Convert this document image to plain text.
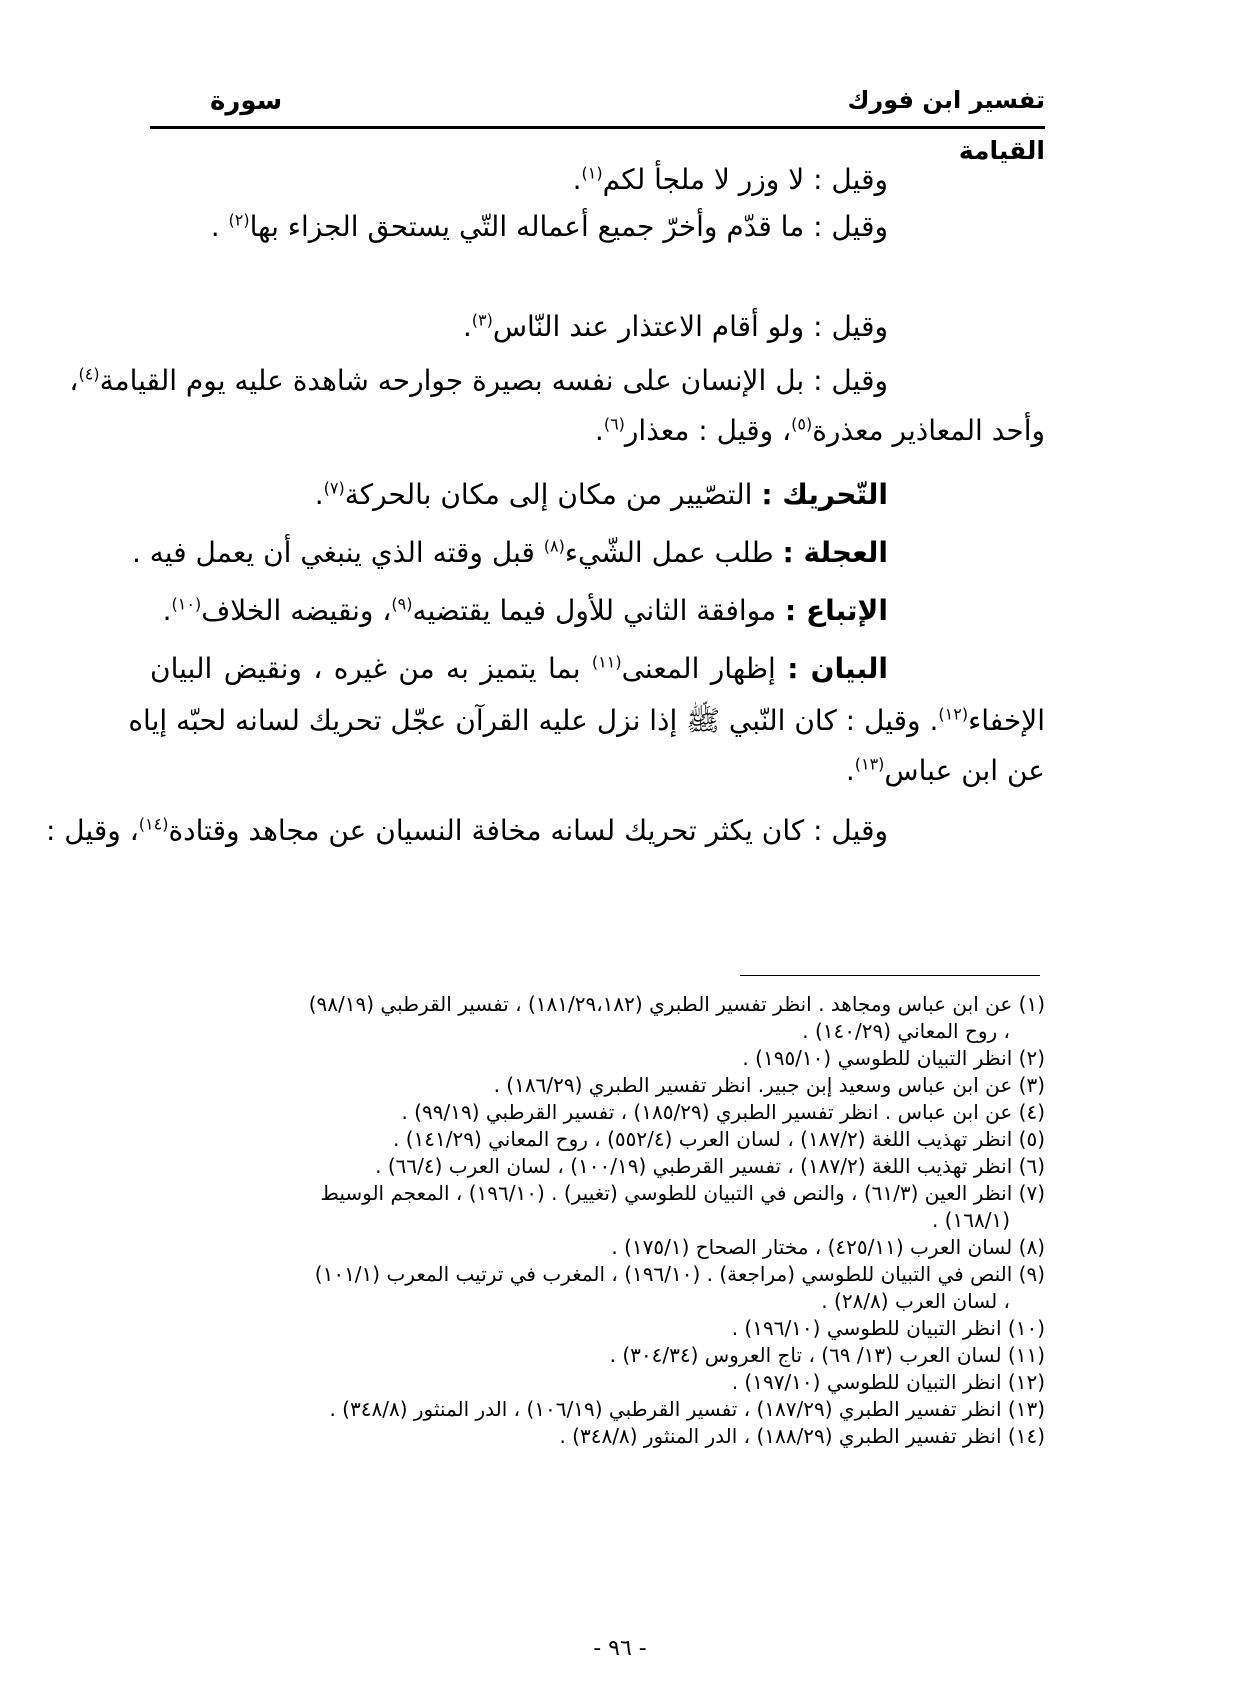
تفسير ابن فورك
سورة
القيامة
وقيل : لا وزر لا ملجأ لكم$^{(١)}$.
وقيل : ما قدّم وأخرّ جميع أعماله التّي يستحق الجزاء بها$^{(٢)}$ .
وقيل : ولو أقام الاعتذار عند النّاس$^{(٣)}$.
وقيل : بل الإنسان على نفسه بصيرة جوارحه شاهدة عليه يوم القيامة$^{(٤)}$،
وأحد المعاذير معذرة$^{(٥)}$، وقيل : معذار$^{(٦)}$.
التّحريك : التصّيير من مكان إلى مكان بالحركة$^{(٧)}$.
العجلة : طلب عمل الشّيء$^{(٨)}$ قبل وقته الذي ينبغي أن يعمل فيه .
الإتباع : موافقة الثاني للأول فيما يقتضيه$^{(٩)}$، ونقيضه الخلاف$^{(١٠)}$.
البيان : إظهار المعنى$^{(١١)}$ بما يتميز به من غيره ، ونقيض البيان
الإخفاء$^{(١٢)}$. وقيل : كان النّبي ﷺ إذا نزل عليه القرآن عجّل تحريك لسانه لحبّه إياه
عن ابن عباس$^{(١٣)}$.
وقيل : كان يكثر تحريك لسانه مخافة النسيان عن مجاهد وقتادة$^{(١٤)}$، وقيل :
(١) عن ابن عباس ومجاهد . انظر تفسير الطبري (١٨١/٢٩،١٨٢) ، تفسير القرطبي (٩٨/١٩)
، روح المعاني (١٤٠/٢٩) .
(٢) انظر التبيان للطوسي (١٩٥/١٠) .
(٣) عن ابن عباس وسعيد إبن جبير. انظر تفسير الطبري (١٨٦/٢٩) .
(٤) عن ابن عباس . انظر تفسير الطبري (١٨٥/٢٩) ، تفسير القرطبي (٩٩/١٩) .
(٥) انظر تهذيب اللغة (١٨٧/٢) ، لسان العرب (٥٥٢/٤) ، روح المعاني (١٤١/٢٩) .
(٦) انظر تهذيب اللغة (١٨٧/٢) ، تفسير القرطبي (١٠٠/١٩) ، لسان العرب (٦٦/٤) .
(٧) انظر العين (٦١/٣) ، والنص في التبيان للطوسي (تغيير) . (١٩٦/١٠) ، المعجم الوسيط
(١٦٨/١) .
(٨) لسان العرب (٤٢٥/١١) ، مختار الصحاح (١٧٥/١) .
(٩) النص في التبيان للطوسي (مراجعة) . (١٩٦/١٠) ، المغرب في ترتيب المعرب (١٠١/١)
، لسان العرب (٢٨/٨) .
(١٠) انظر التبيان للطوسي (١٩٦/١٠) .
(١١) لسان العرب (١٣/ ٦٩) ، تاج العروس (٣٠٤/٣٤) .
(١٢) انظر التبيان للطوسي (١٩٧/١٠) .
(١٣) انظر تفسير الطبري (١٨٧/٢٩) ، تفسير القرطبي (١٠٦/١٩) ، الدر المنثور (٣٤٨/٨) .
(١٤) انظر تفسير الطبري (١٨٨/٢٩) ، الدر المنثور (٣٤٨/٨) .
- ٩٦ -
